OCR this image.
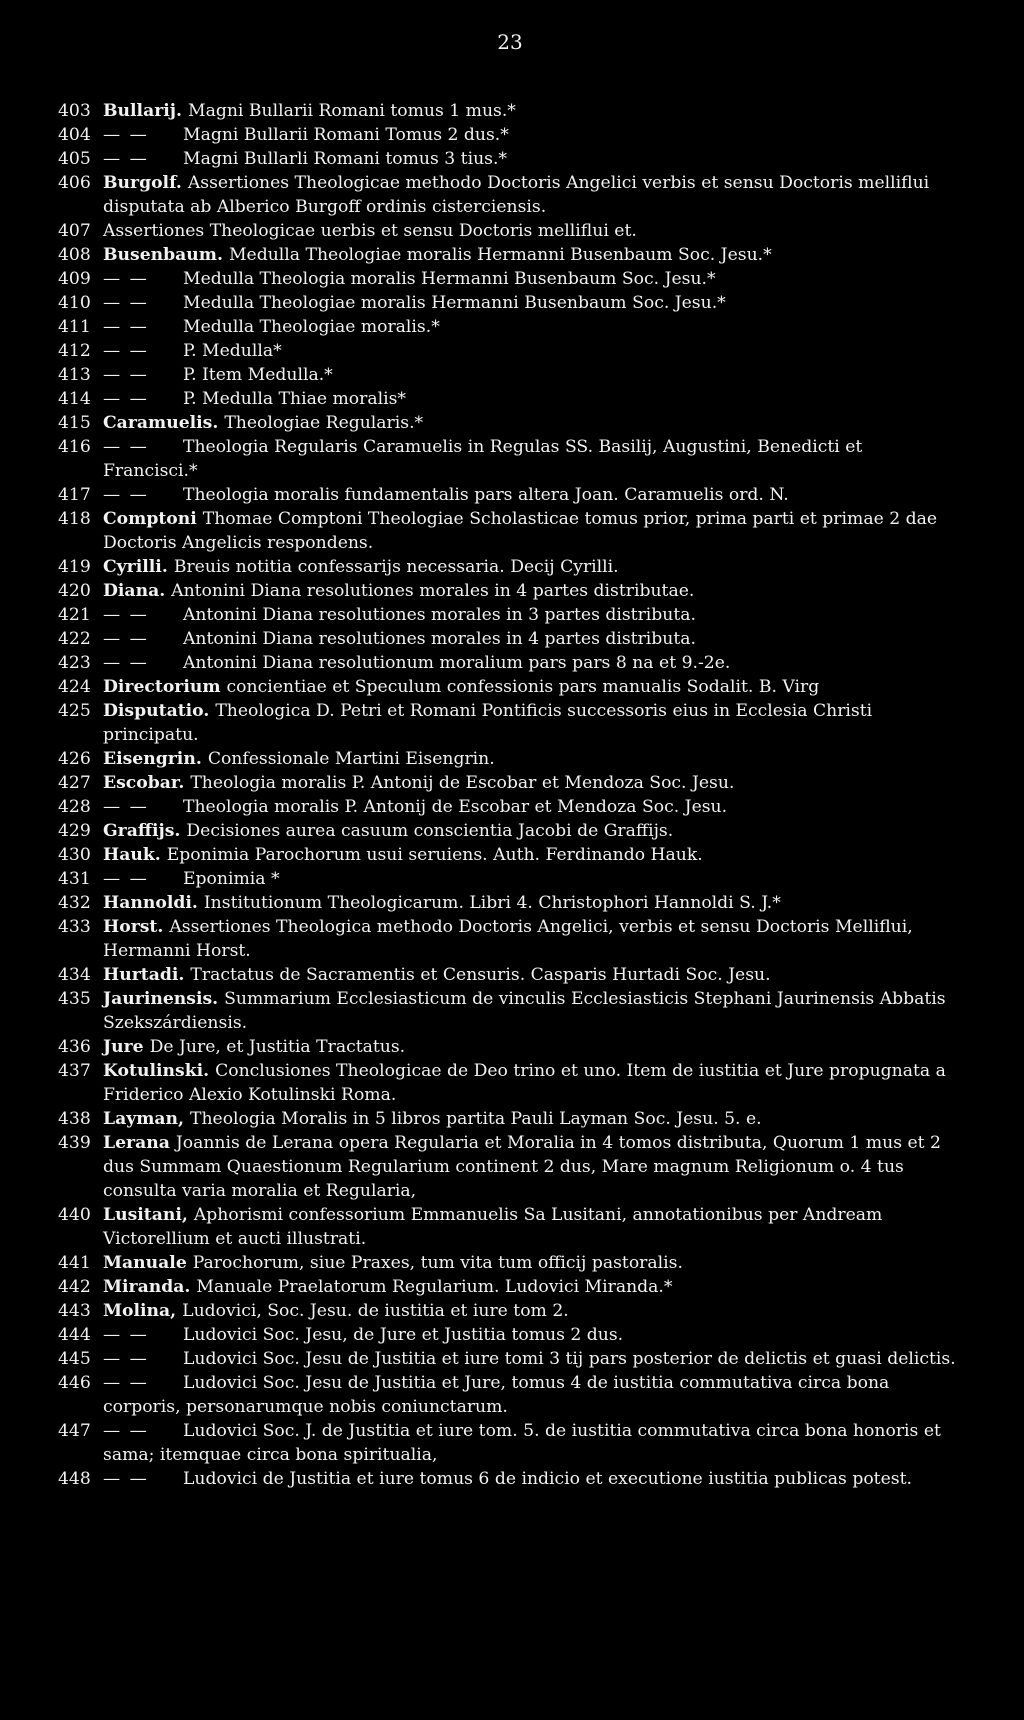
23
403 Bullarij. Magni Bullarii Romani tomus 1 mus.*
404 — — Magni Bullarii Romani Tomus 2 dus.*
405 — — Magni Bullarli Romani tomus 3 tius.*
406 Burgolf. Assertiones Theologicae methodo Doctoris Angelici verbis et sensu Doctoris melliflui disputata ab Alberico Burgoff ordinis cisterciensis.
407 Assertiones Theologicae uerbis et sensu Doctoris melliflui et.
408 Busenbaum. Medulla Theologiae moralis Hermanni Busenbaum Soc. Jesu.*
409 — — Medulla Theologia moralis Hermanni Busenbaum Soc. Jesu.*
410 — — Medulla Theologiae moralis Hermanni Busenbaum Soc. Jesu.*
411 — — Medulla Theologiae moralis.*
412 — — P. Medulla*
413 — — P. Item Medulla.*
414 — — P. Medulla Thiae moralis*
415 Caramuelis. Theologiae Regularis.*
416 — — Theologia Regularis Caramuelis in Regulas SS. Basilij, Augustini, Benedicti et Francisci.*
417 — — Theologia moralis fundamentalis pars altera Joan. Caramuelis ord. N.
418 Comptoni Thomae Comptoni Theologiae Scholasticae tomus prior, prima parti et primae 2 dae Doctoris Angelicis respondens.
419 Cyrilli. Breuis notitia confessarijs necessaria. Decij Cyrilli.
420 Diana. Antonini Diana resolutiones morales in 4 partes distributae.
421 — — Antonini Diana resolutiones morales in 3 partes distributa.
422 — — Antonini Diana resolutiones morales in 4 partes distributa.
423 — — Antonini Diana resolutionum moralium pars pars 8 na et 9.-2e.
424 Directorium concientiae et Speculum confessionis pars manualis Sodalit. B. Virg
425 Disputatio. Theologica D. Petri et Romani Pontificis successoris eius in Ecclesia Christi principatu.
426 Eisengrin. Confessionale Martini Eisengrin.
427 Escobar. Theologia moralis P. Antonij de Escobar et Mendoza Soc. Jesu.
428 — — Theologia moralis P. Antonij de Escobar et Mendoza Soc. Jesu.
429 Graffijs. Decisiones aurea casuum conscientia Jacobi de Graffijs.
430 Hauk. Eponimia Parochorum usui seruiens. Auth. Ferdinando Hauk.
431 — — Eponimia *
432 Hannoldi. Institutionum Theologicarum. Libri 4. Christophori Hannoldi S. J.*
433 Horst. Assertiones Theologica methodo Doctoris Angelici, verbis et sensu Doctoris Melliflui, Hermanni Horst.
434 Hurtadi. Tractatus de Sacramentis et Censuris. Casparis Hurtadi Soc. Jesu.
435 Jaurinensis. Summarium Ecclesiasticum de vinculis Ecclesiasticis Stephani Jaurinensis Abbatis Szekszárdiensis.
436 Jure De Jure, et Justitia Tractatus.
437 Kotulinski. Conclusiones Theologicae de Deo trino et uno. Item de iustitia et Jure propugnata a Friderico Alexio Kotulinski Roma.
438 Layman, Theologia Moralis in 5 libros partita Pauli Layman Soc. Jesu. 5. e.
439 Lerana Joannis de Lerana opera Regularia et Moralia in 4 tomos distributa, Quorum 1 mus et 2 dus Summam Quaestionum Regularium continent 2 dus, Mare magnum Religionum o. 4 tus consulta varia moralia et Regularia,
440 Lusitani, Aphorismi confessorium Emmanuelis Sa Lusitani, annotationibus per Andream Victorellium et aucti illustrati.
441 Manuale Parochorum, siue Praxes, tum vita tum officij pastoralis.
442 Miranda. Manuale Praelatorum Regularium. Ludovici Miranda.*
443 Molina, Ludovici, Soc. Jesu. de iustitia et iure tom 2.
444 — — Ludovici Soc. Jesu, de Jure et Justitia tomus 2 dus.
445 — — Ludovici Soc. Jesu de Justitia et iure tomi 3 tij pars posterior de delictis et guasi delictis.
446 — — Ludovici Soc. Jesu de Justitia et Jure, tomus 4 de iustitia commutativa circa bona corporis, personarumque nobis coniunctarum.
447 — — Ludovici Soc. J. de Justitia et iure tom. 5. de iustitia commutativa circa bona honoris et sama; itemquae circa bona spiritualia,
448 — — Ludovici de Justitia et iure tomus 6 de indicio et executione iustitia publicas potest.
